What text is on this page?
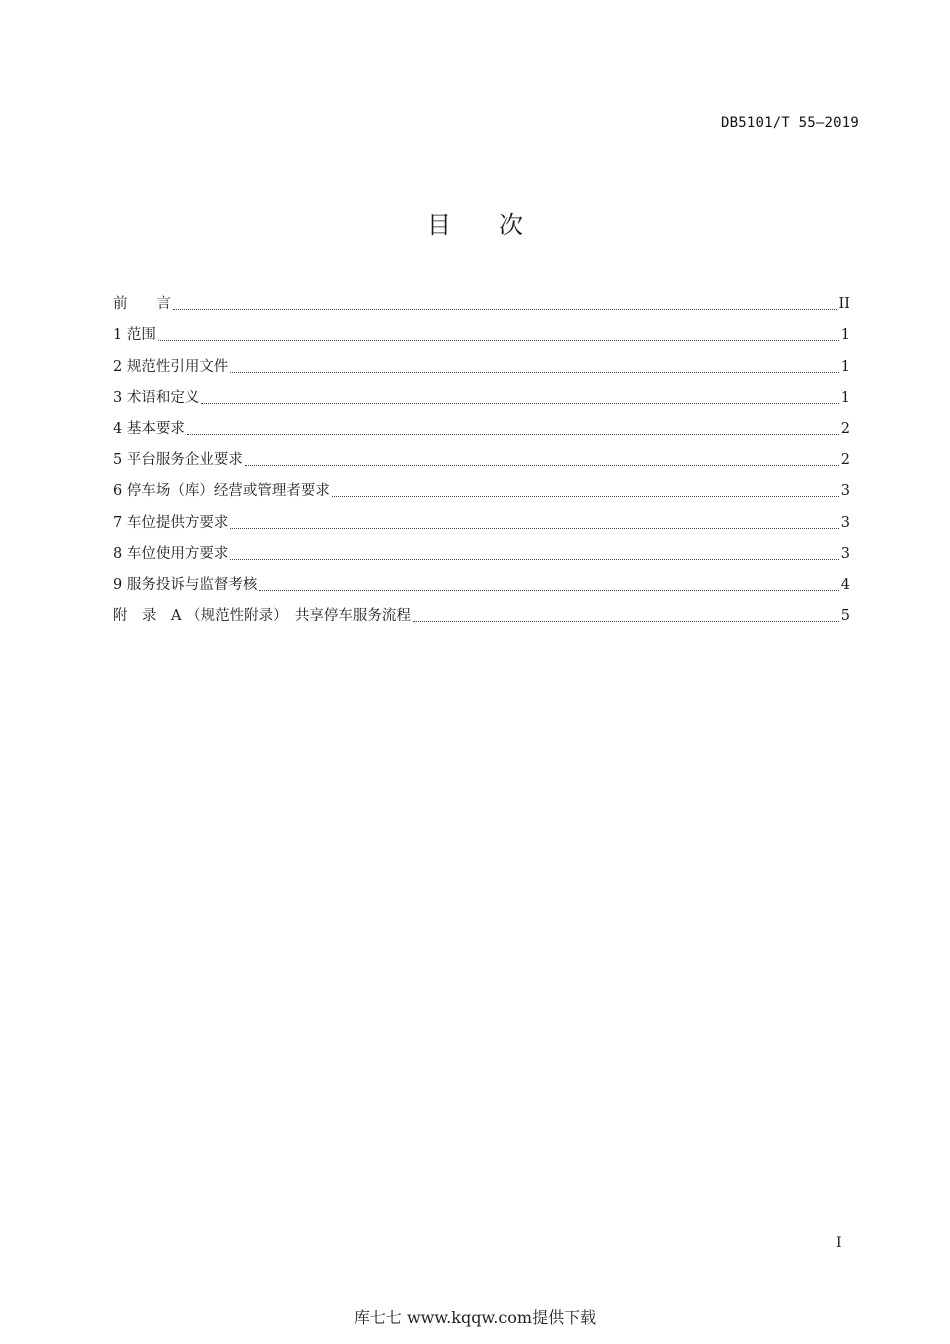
DB5101/T 55—2019
目 次
前　　言	II
1 范围	1
2 规范性引用文件	1
3 术语和定义	1
4 基本要求	2
5 平台服务企业要求	2
6 停车场（库）经营或管理者要求	3
7 车位提供方要求	3
8 车位使用方要求	3
9 服务投诉与监督考核	4
附　录　A （规范性附录）　共享停车服务流程	5
I
库七七 www.kqqw.com提供下载
